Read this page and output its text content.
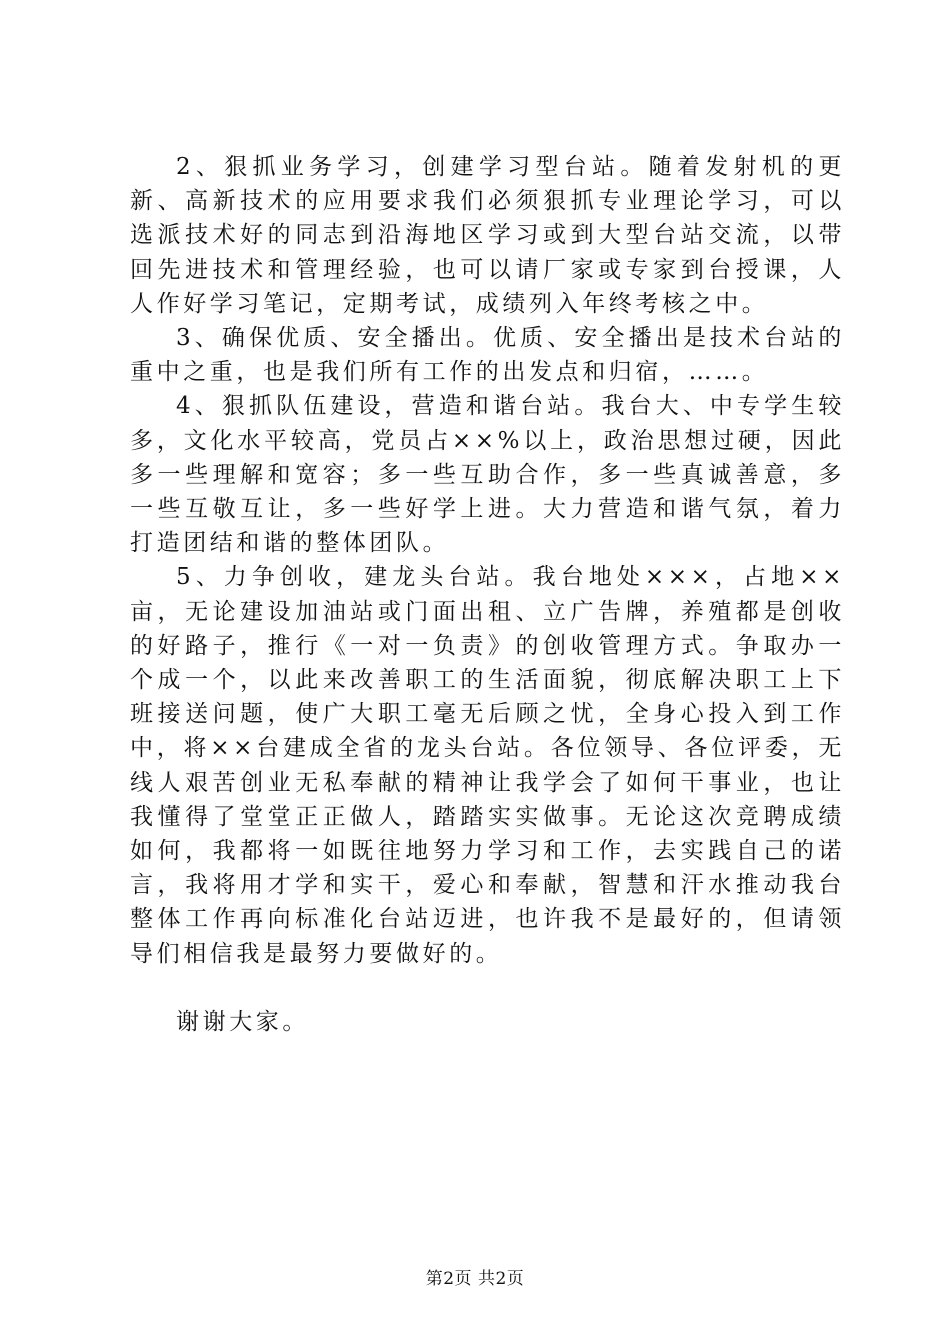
2、狠抓业务学习，创建学习型台站。随着发射机的更新、高新技术的应用要求我们必须狠抓专业理论学习，可以选派技术好的同志到沿海地区学习或到大型台站交流，以带回先进技术和管理经验，也可以请厂家或专家到台授课，人人作好学习笔记，定期考试，成绩列入年终考核之中。

3、确保优质、安全播出。优质、安全播出是技术台站的重中之重，也是我们所有工作的出发点和归宿，……。

4、狠抓队伍建设，营造和谐台站。我台大、中专学生较多，文化水平较高，党员占××%以上，政治思想过硬，因此多一些理解和宽容；多一些互助合作，多一些真诚善意，多一些互敬互让，多一些好学上进。大力营造和谐气氛，着力打造团结和谐的整体团队。

5、力争创收，建龙头台站。我台地处×××，占地××亩，无论建设加油站或门面出租、立广告牌，养殖都是创收的好路子，推行《一对一负责》的创收管理方式。争取办一个成一个，以此来改善职工的生活面貌，彻底解决职工上下班接送问题，使广大职工毫无后顾之忧，全身心投入到工作中，将××台建成全省的龙头台站。各位领导、各位评委，无线人艰苦创业无私奉献的精神让我学会了如何干事业，也让我懂得了堂堂正正做人，踏踏实实做事。无论这次竞聘成绩如何，我都将一如既往地努力学习和工作，去实践自己的诺言，我将用才学和实干，爱心和奉献，智慧和汗水推动我台整体工作再向标准化台站迈进，也许我不是最好的，但请领导们相信我是最努力要做好的。

谢谢大家。

第2页 共2页
